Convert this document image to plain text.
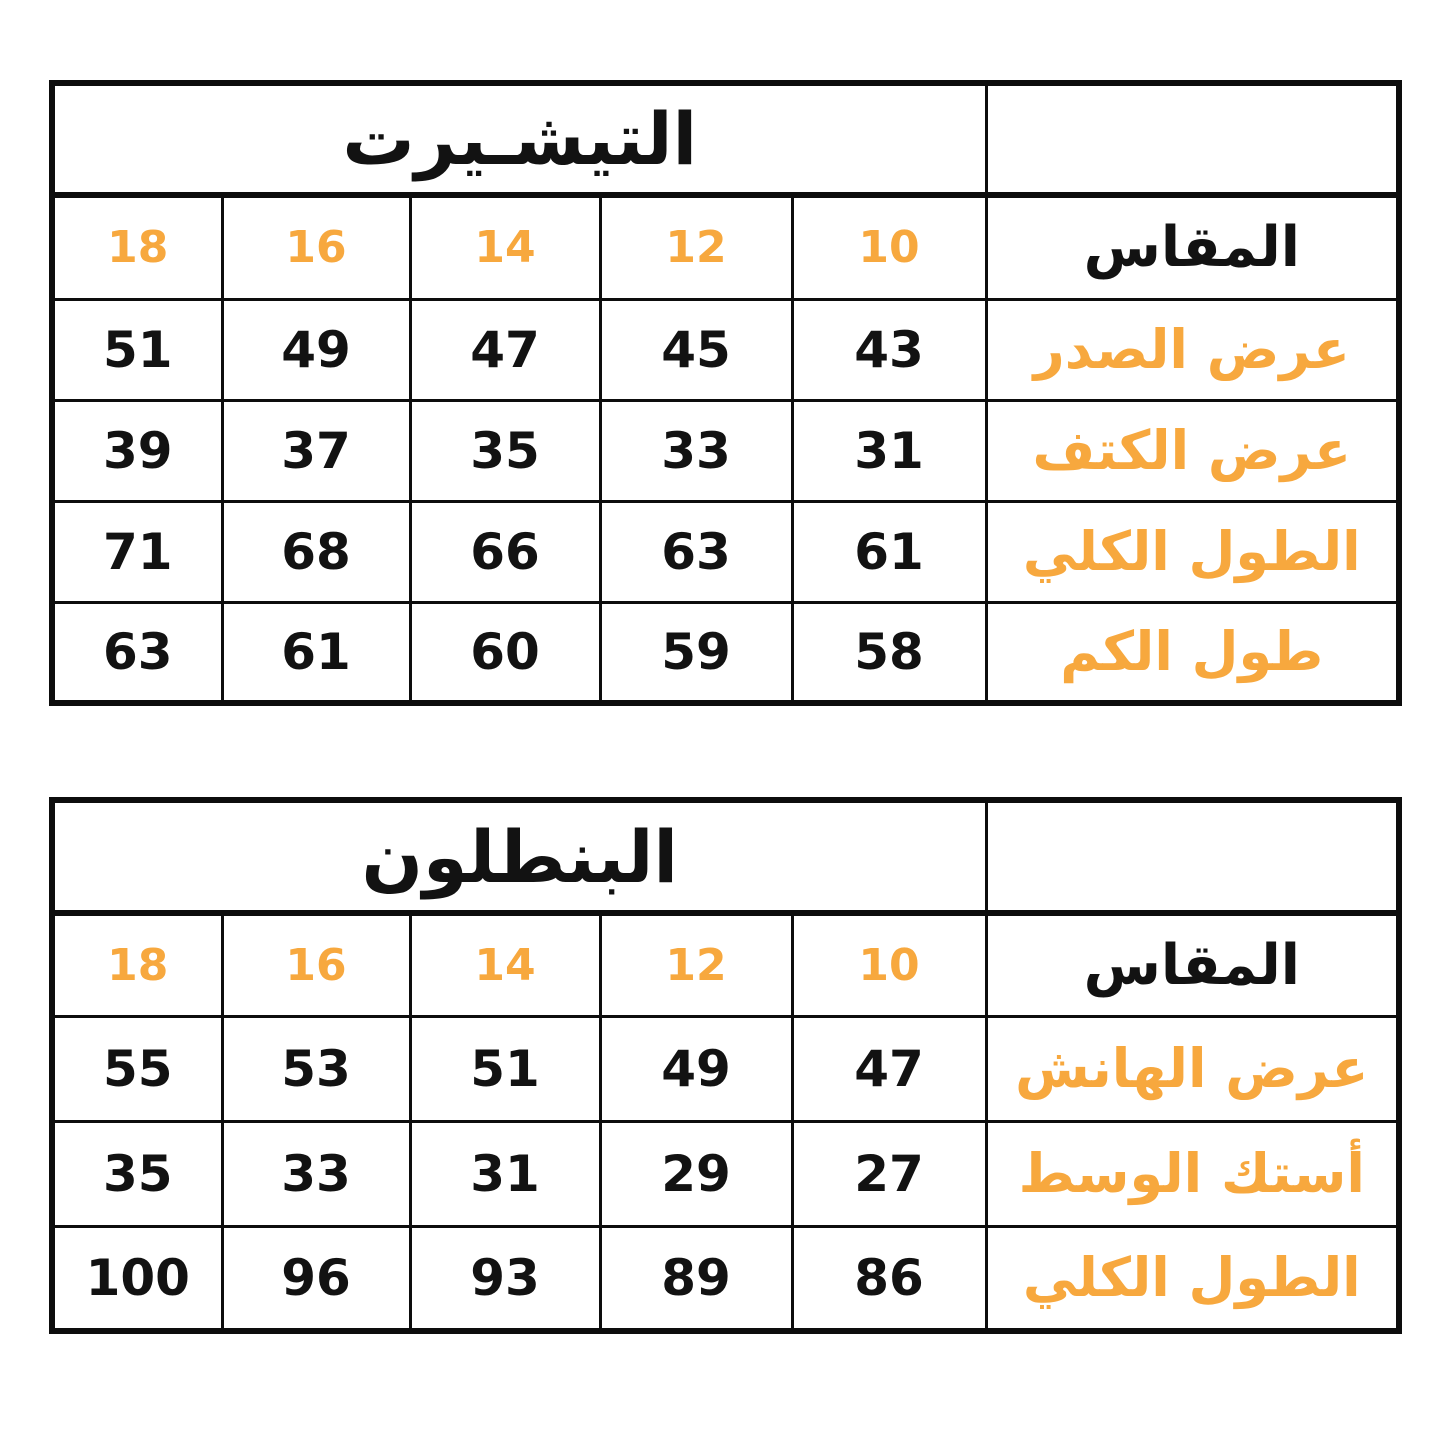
التيشـيرت					
18	16	14	12	10	المقاس
51	49	47	45	43	عرض الصدر
39	37	35	33	31	عرض الكتف
71	68	66	63	61	الطول الكلي
63	61	60	59	58	طول الكم
البنطلون					
18	16	14	12	10	المقاس
55	53	51	49	47	عرض الهانش
35	33	31	29	27	أستك الوسط
100	96	93	89	86	الطول الكلي
